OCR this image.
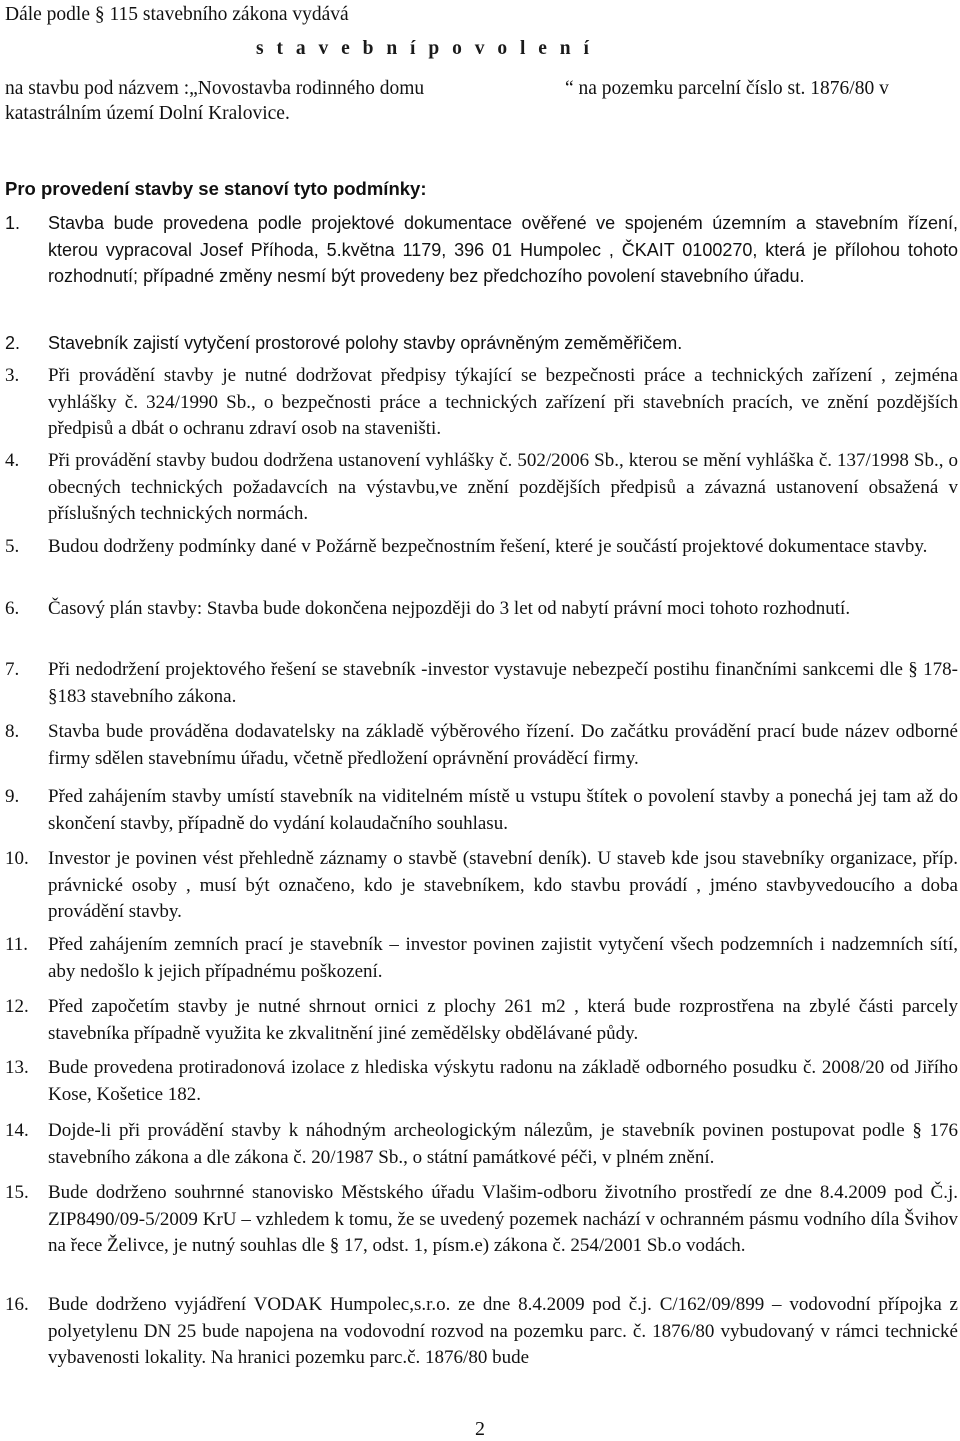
Dále podle § 115 stavebního zákona vydává
s t a v e b n í p o v o l e n í
na stavbu pod názvem :„Novostavba rodinného domu	“ na pozemku parcelní číslo st. 1876/80 v
katastrálním území Dolní Kralovice.
Pro provedení stavby se stanoví tyto podmínky:
1. Stavba bude provedena podle projektové dokumentace ověřené ve spojeném územním a stavebním řízení, kterou vypracoval Josef Příhoda, 5.května 1179, 396 01 Humpolec , ČKAIT 0100270, která je přílohou tohoto rozhodnutí; případné změny nesmí být provedeny bez předchozího povolení stavebního úřadu.
2. Stavebník zajistí vytyčení prostorové polohy stavby oprávněným zeměměřičem.
3. Při provádění stavby je nutné dodržovat předpisy týkající se bezpečnosti práce a technických zařízení , zejména vyhlášky č. 324/1990 Sb., o bezpečnosti práce a technických zařízení při stavebních pracích, ve znění pozdějších předpisů a dbát o ochranu zdraví osob na staveništi.
4. Při provádění stavby budou dodržena ustanovení vyhlášky č. 502/2006 Sb., kterou se mění vyhláška č. 137/1998 Sb., o obecných technických požadavcích na výstavbu,ve znění pozdějších předpisů a závazná ustanovení obsažená v příslušných technických normách.
5. Budou dodrženy podmínky dané v Požárně bezpečnostním řešení, které je součástí projektové dokumentace stavby.
6. Časový plán stavby: Stavba bude dokončena nejpozději do 3 let od nabytí právní moci tohoto rozhodnutí.
7. Při nedodržení projektového řešení se stavebník -investor vystavuje nebezpečí postihu finančními sankcemi dle § 178- §183 stavebního zákona.
8. Stavba bude prováděna dodavatelsky na základě výběrového řízení. Do začátku provádění prací bude název odborné firmy sdělen stavebnímu úřadu, včetně předložení oprávnění prováděcí firmy.
9. Před zahájením stavby umístí stavebník na viditelném místě u vstupu štítek o povolení stavby a ponechá jej tam až do skončení stavby, případně do vydání kolaudačního souhlasu.
10. Investor je povinen vést přehledně záznamy o stavbě (stavební deník). U staveb kde jsou stavebníky organizace, příp. právnické osoby , musí být označeno, kdo je stavebníkem, kdo stavbu provádí , jméno stavbyvedoucího a doba provádění stavby.
11. Před zahájením zemních prací je stavebník – investor povinen zajistit vytyčení všech podzemních i nadzemních sítí, aby nedošlo k jejich případnému poškození.
12. Před započetím stavby je nutné shrnout ornici z plochy 261 m2 , která bude rozprostřena na zbylé části parcely stavebníka případně využita ke zkvalitnění jiné zemědělsky obdělávané půdy.
13. Bude provedena protiradonová izolace z hlediska výskytu radonu na základě odborného posudku č. 2008/20 od Jiřího Kose, Košetice 182.
14. Dojde-li při provádění stavby k náhodným archeologickým nálezům, je stavebník povinen postupovat podle § 176 stavebního zákona a dle zákona č. 20/1987 Sb., o státní památkové péči, v plném znění.
15. Bude dodrženo souhrnné stanovisko Městského úřadu Vlašim-odboru životního prostředí ze dne 8.4.2009 pod Č.j. ZIP8490/09-5/2009 KrU – vzhledem k tomu, že se uvedený pozemek nachází v ochranném pásmu vodního díla Švihov na řece Želivce, je nutný souhlas dle § 17, odst. 1, písm.e) zákona č. 254/2001 Sb.o vodách.
16. Bude dodrženo vyjádření VODAK Humpolec,s.r.o. ze dne 8.4.2009 pod č.j. C/162/09/899 – vodovodní přípojka z polyetylenu DN 25 bude napojena na vodovodní rozvod na pozemku parc. č. 1876/80 vybudovaný v rámci technické vybavenosti lokality. Na hranici pozemku parc.č. 1876/80 bude
2
